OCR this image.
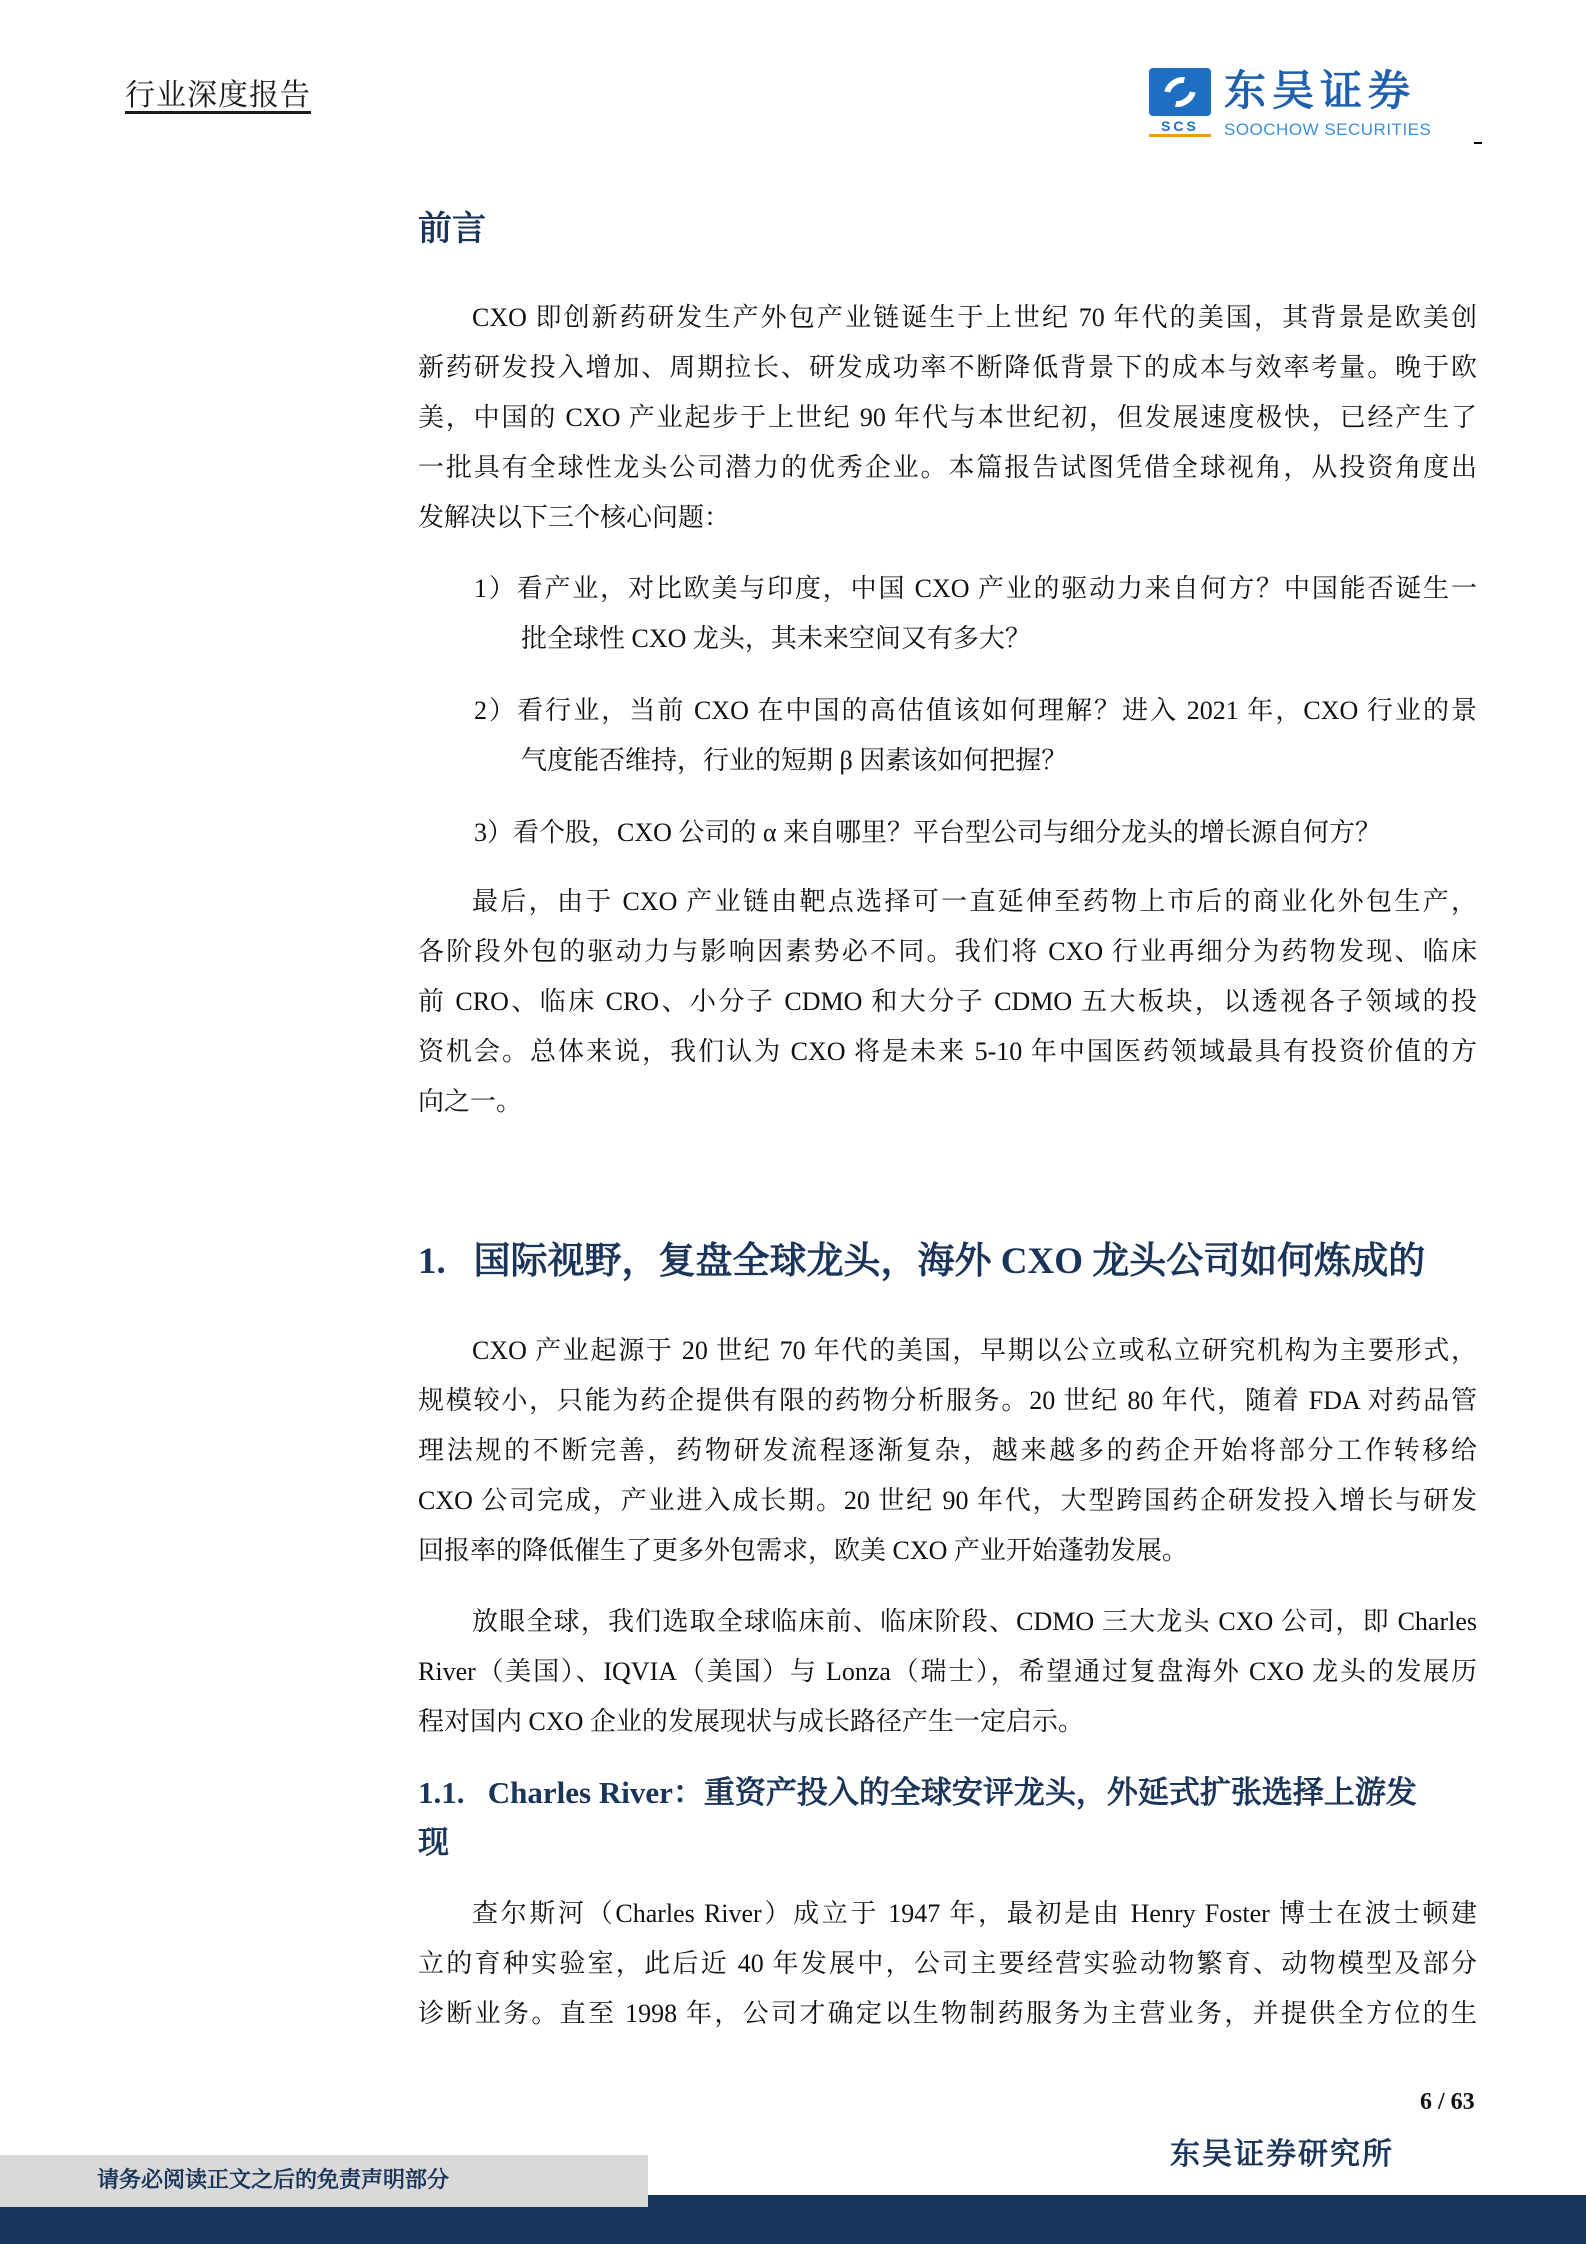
行业深度报告
SCS
东吴证券
SOOCHOW SECURITIES
前言
CXO 即创新药研发生产外包产业链诞生于上世纪 70 年代的美国，其背景是欧美创
新药研发投入增加、周期拉长、研发成功率不断降低背景下的成本与效率考量。晚于欧
美，中国的 CXO 产业起步于上世纪 90 年代与本世纪初，但发展速度极快，已经产生了
一批具有全球性龙头公司潜力的优秀企业。本篇报告试图凭借全球视角，从投资角度出
发解决以下三个核心问题：
1）看产业，对比欧美与印度，中国 CXO 产业的驱动力来自何方？中国能否诞生一
批全球性 CXO 龙头，其未来空间又有多大？
2）看行业，当前 CXO 在中国的高估值该如何理解？进入 2021 年，CXO 行业的景
气度能否维持，行业的短期 β 因素该如何把握？
3）看个股，CXO 公司的 α 来自哪里？平台型公司与细分龙头的增长源自何方？
最后，由于 CXO 产业链由靶点选择可一直延伸至药物上市后的商业化外包生产，
各阶段外包的驱动力与影响因素势必不同。我们将 CXO 行业再细分为药物发现、临床
前 CRO、临床 CRO、小分子 CDMO 和大分子 CDMO 五大板块，以透视各子领域的投
资机会。总体来说，我们认为 CXO 将是未来 5-10 年中国医药领域最具有投资价值的方
向之一。
1.   国际视野，复盘全球龙头，海外 CXO 龙头公司如何炼成的
CXO 产业起源于 20 世纪 70 年代的美国，早期以公立或私立研究机构为主要形式，
规模较小，只能为药企提供有限的药物分析服务。20 世纪 80 年代，随着 FDA 对药品管
理法规的不断完善，药物研发流程逐渐复杂，越来越多的药企开始将部分工作转移给
CXO 公司完成，产业进入成长期。20 世纪 90 年代，大型跨国药企研发投入增长与研发
回报率的降低催生了更多外包需求，欧美 CXO 产业开始蓬勃发展。
放眼全球，我们选取全球临床前、临床阶段、CDMO 三大龙头 CXO 公司，即 Charles
River（美国）、IQVIA（美国）与 Lonza（瑞士），希望通过复盘海外 CXO 龙头的发展历
程对国内 CXO 企业的发展现状与成长路径产生一定启示。
1.1.   Charles River：重资产投入的全球安评龙头，外延式扩张选择上游发
现
查尔斯河（Charles River）成立于 1947 年，最初是由 Henry Foster 博士在波士顿建
立的育种实验室，此后近 40 年发展中，公司主要经营实验动物繁育、动物模型及部分
诊断业务。直至 1998 年，公司才确定以生物制药服务为主营业务，并提供全方位的生
6 / 63
东吴证券研究所
请务必阅读正文之后的免责声明部分
